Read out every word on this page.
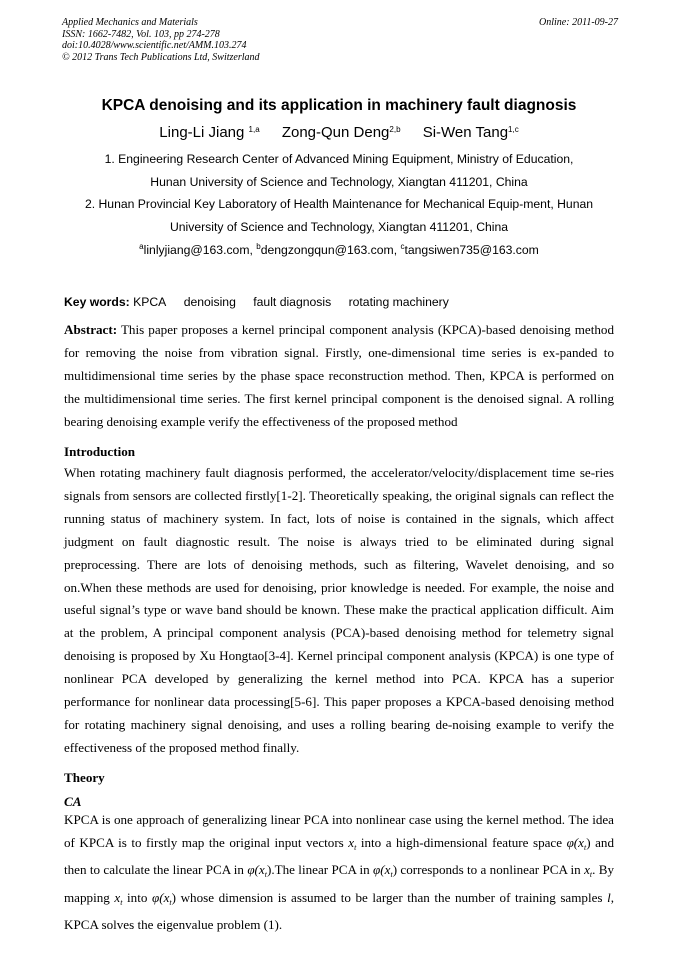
Applied Mechanics and Materials
ISSN: 1662-7482, Vol. 103, pp 274-278
doi:10.4028/www.scientific.net/AMM.103.274
© 2012 Trans Tech Publications Ltd, Switzerland
Online: 2011-09-27
KPCA denoising and its application in machinery fault diagnosis
Ling-Li Jiang $^{1,a}$ Zong-Qun Deng$^{2,b}$ Si-Wen Tang$^{1,c}$
1. Engineering Research Center of Advanced Mining Equipment, Ministry of Education,
Hunan University of Science and Technology, Xiangtan 411201, China
2. Hunan Provincial Key Laboratory of Health Maintenance for Mechanical Equip-ment, Hunan
University of Science and Technology, Xiangtan 411201, China
$^a$linlyjiang@163.com, $^b$dengzongqun@163.com, $^c$tangsiwen735@163.com
Key words: KPCA denoising fault diagnosis rotating machinery
Abstract: This paper proposes a kernel principal component analysis (KPCA)-based denoising method for removing the noise from vibration signal. Firstly, one-dimensional time series is ex-panded to multidimensional time series by the phase space reconstruction method. Then, KPCA is performed on the multidimensional time series. The first kernel principal component is the denoised signal. A rolling bearing denoising example verify the effectiveness of the proposed method
Introduction
When rotating machinery fault diagnosis performed, the accelerator/velocity/displacement time se-ries signals from sensors are collected firstly[1-2]. Theoretically speaking, the original signals can reflect the running status of machinery system. In fact, lots of noise is contained in the signals, which affect judgment on fault diagnostic result. The noise is always tried to be eliminated during signal preprocessing. There are lots of denoising methods, such as filtering, Wavelet denoising, and so on.When these methods are used for denoising, prior knowledge is needed. For example, the noise and useful signal’s type or wave band should be known. These make the practical application difficult. Aim at the problem, A principal component analysis (PCA)-based denoising method for telemetry signal denoising is proposed by Xu Hongtao[3-4]. Kernel principal component analysis (KPCA) is one type of nonlinear PCA developed by generalizing the kernel method into PCA. KPCA has a superior performance for nonlinear data processing[5-6]. This paper proposes a KPCA-based denoising method for rotating machinery signal denoising, and uses a rolling bearing de-noising example to verify the effectiveness of the proposed method finally.
Theory
CA
KPCA is one approach of generalizing linear PCA into nonlinear case using the kernel method. The idea of KPCA is to firstly map the original input vectors $x_t$ into a high-dimensional feature space $\varphi(x_t)$ and then to calculate the linear PCA in $\varphi(x_t).The$ linear PCA in $\varphi(x_t)$ corresponds to a nonlinear PCA in $x_t$. By mapping $x_t$ into $\varphi(x_t)$ whose dimension is assumed to be larger than the number of training samples l, KPCA solves the eigenvalue problem (1).
